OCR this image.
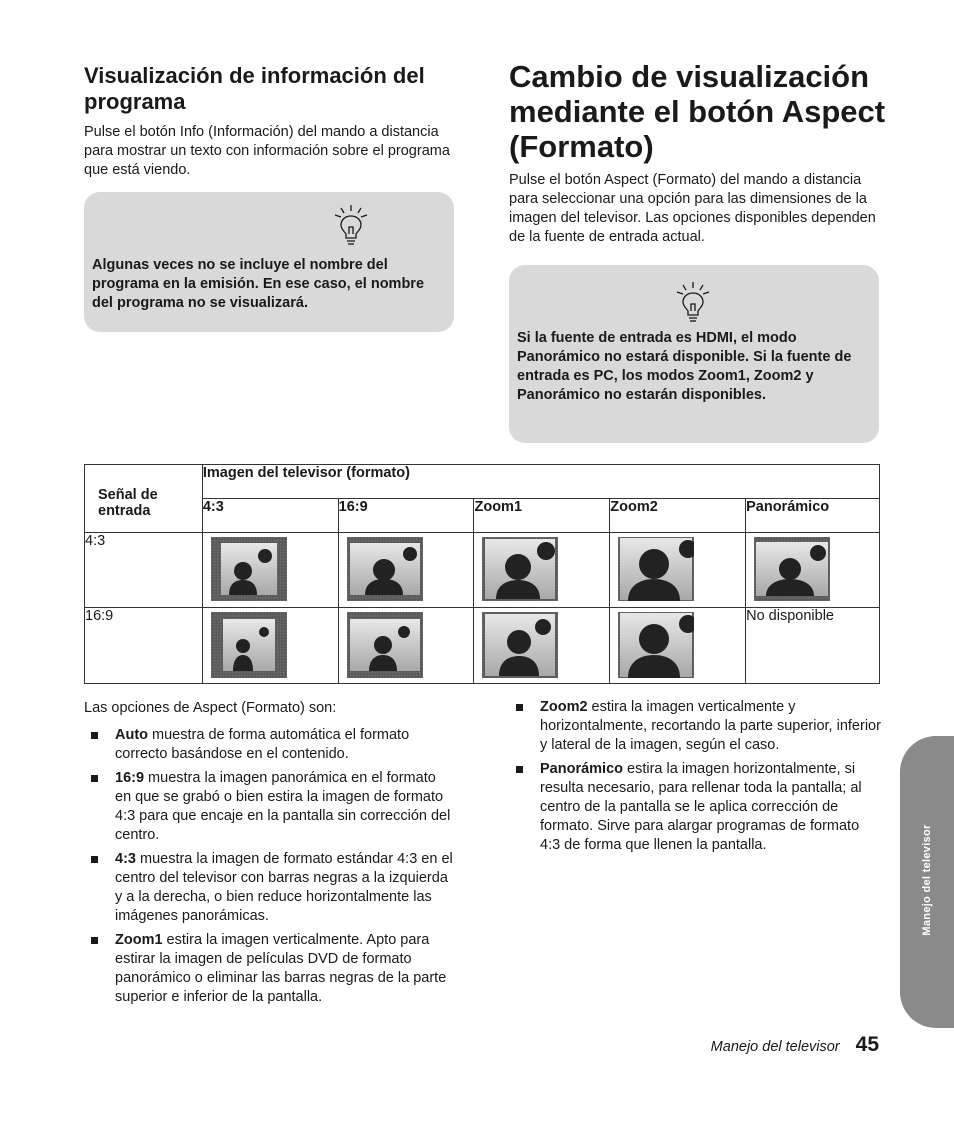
Visualización de información del programa

Pulse el botón Info (Información) del mando a distancia para mostrar un texto con información sobre el programa que está viendo.

Algunas veces no se incluye el nombre del programa en la emisión. En ese caso, el nombre del programa no se visualizará.

Cambio de visualización mediante el botón Aspect (Formato)

Pulse el botón Aspect (Formato) del mando a distancia para seleccionar una opción para las dimensiones de la imagen del televisor. Las opciones disponibles dependen de la fuente de entrada actual.

Si la fuente de entrada es HDMI, el modo Panorámico no estará disponible. Si la fuente de entrada es PC, los modos Zoom1, Zoom2 y Panorámico no estarán disponibles.

Señal de entrada	Imagen del televisor (formato)				
	4:3	16:9	Zoom1	Zoom2	Panorámico
4:3	

16:9					No disponible

Las opciones de Aspect (Formato) son:

Auto muestra de forma automática el formato correcto basándose en el contenido.
16:9 muestra la imagen panorámica en el formato en que se grabó o bien estira la imagen de formato 4:3 para que encaje en la pantalla sin corrección del centro.
4:3 muestra la imagen de formato estándar 4:3 en el centro del televisor con barras negras a la izquierda y a la derecha, o bien reduce horizontalmente las imágenes panorámicas.
Zoom1 estira la imagen verticalmente. Apto para estirar la imagen de películas DVD de formato panorámico o eliminar las barras negras de la parte superior e inferior de la pantalla.
Zoom2 estira la imagen verticalmente y horizontalmente, recortando la parte superior, inferior y lateral de la imagen, según el caso.
Panorámico estira la imagen horizontalmente, si resulta necesario, para rellenar toda la pantalla; al centro de la pantalla se le aplica corrección de formato. Sirve para alargar programas de formato 4:3 de forma que llenen la pantalla.	Manejo del televisor
Manejo del televisor 45
